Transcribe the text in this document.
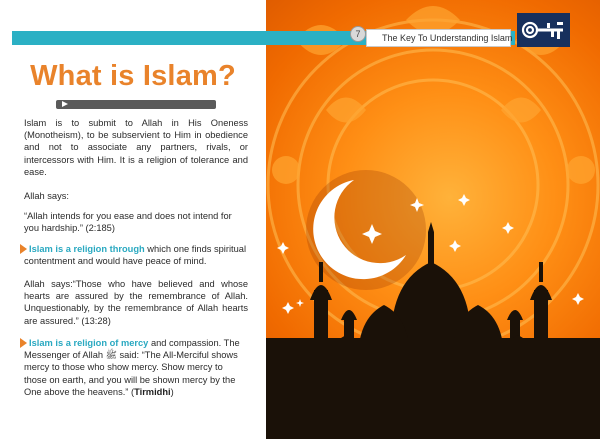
7	The Key To Understanding Islam
What is Islam?
Islam is to submit to Allah in His Oneness (Monotheism), to be subservient to Him in obedience and not to associate any partners, rivals, or intercessors with Him. It is a religion of tolerance and ease.
Allah says:
“Allah intends for you ease and does not intend for you hardship.” (2:185)
Islam is a religion through which one finds spiritual contentment and would have peace of mind.
Allah says:“Those who have believed and whose hearts are assured by the remembrance of Allah. Unquestionably, by the remembrance of Allah hearts are assured.” (13:28)
Islam is a religion of mercy and compassion. The Messenger of Allah ﷺ said: “The All-Merciful shows mercy to those who show mercy. Show mercy to those on earth, and you will be shown mercy by the One above the heavens.” (Tirmidhi)
